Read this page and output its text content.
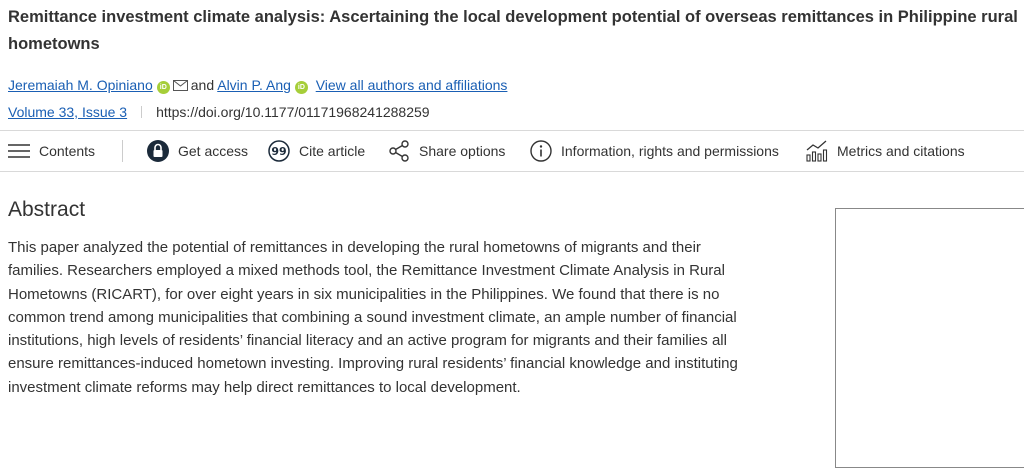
Remittance investment climate analysis: Ascertaining the local development potential of overseas remittances in Philippine rural hometowns
Jeremaiah M. Opiniano iD and Alvin P. Ang iD View all authors and affiliations
Volume 33, Issue 3 https://doi.org/10.1177/01171968241288259
Contents	Get access 99 Cite article	Share options	Information, rights and permissions	Metrics and citations
Abstract

This paper analyzed the potential of remittances in developing the rural hometowns of migrants and their families. Researchers employed a mixed methods tool, the Remittance Investment Climate Analysis in Rural Hometowns (RICART), for over eight years in six municipalities in the Philippines. We found that there is no common trend among municipalities that combining a sound investment climate, an ample number of financial institutions, high levels of residents’ financial literacy and an active program for migrants and their families all ensure remittances-induced hometown investing. Improving rural residents’ financial knowledge and instituting investment climate reforms may help direct remittances to local development.
